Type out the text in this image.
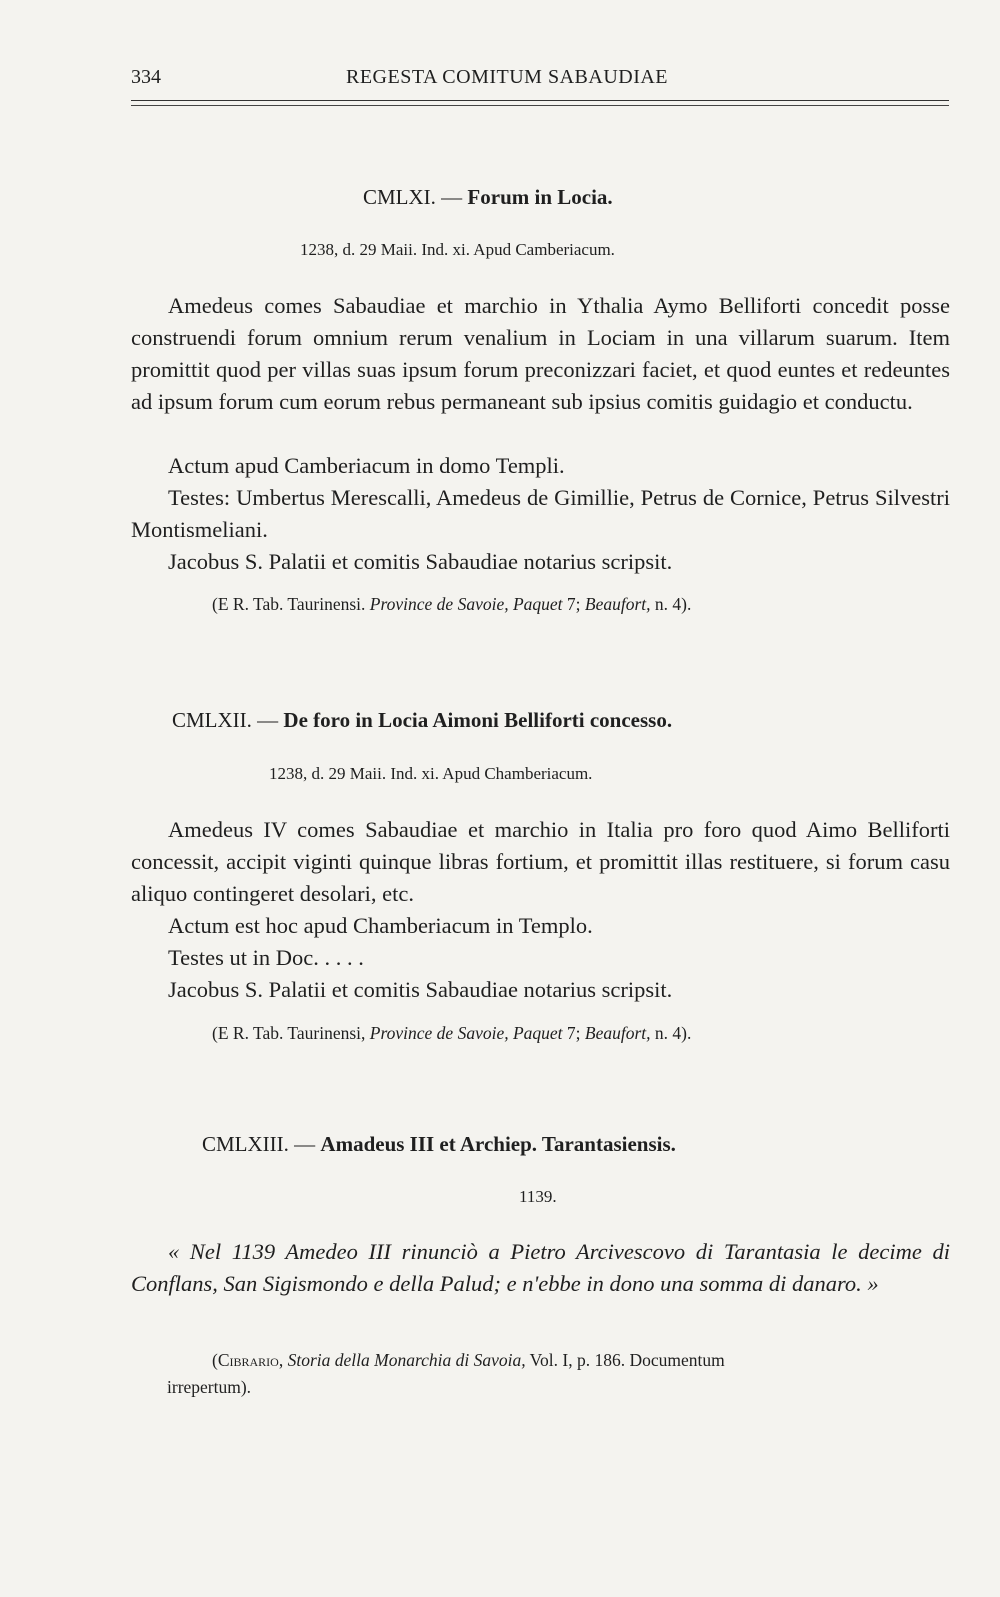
334	REGESTA COMITUM SABAUDIAE
CMLXI. — Forum in Locia.
1238, d. 29 Maii. Ind. xi. Apud Camberiacum.
Amedeus comes Sabaudiae et marchio in Ythalia Aymo Belliforti concedit posse construendi forum omnium rerum venalium in Lociam in una villarum suarum. Item promittit quod per villas suas ipsum forum preconizzari faciet, et quod euntes et redeuntes ad ipsum forum cum eorum rebus permaneant sub ipsius comitis guidagio et conductu.
Actum apud Camberiacum in domo Templi.
Testes: Umbertus Merescalli, Amedeus de Gimillie, Petrus de Cornice, Petrus Silvestri Montismeliani.
Jacobus S. Palatii et comitis Sabaudiae notarius scripsit.
(E R. Tab. Taurinensi. Province de Savoie, Paquet 7; Beaufort, n. 4).
CMLXII. — De foro in Locia Aimoni Belliforti concesso.
1238, d. 29 Maii. Ind. xi. Apud Chamberiacum.
Amedeus IV comes Sabaudiae et marchio in Italia pro foro quod Aimo Belliforti concessit, accipit viginti quinque libras fortium, et promittit illas restituere, si forum casu aliquo contingeret desolari, etc.
Actum est hoc apud Chamberiacum in Templo.
Testes ut in Doc. . . . .
Jacobus S. Palatii et comitis Sabaudiae notarius scripsit.
(E R. Tab. Taurinensi, Province de Savoie, Paquet 7; Beaufort, n. 4).
CMLXIII. — Amadeus III et Archiep. Tarantasiensis.
1139.
« Nel 1139 Amedeo III rinunciò a Pietro Arcivescovo di Tarantasia le decime di Conflans, San Sigismondo e della Palud; e n'ebbe in dono una somma di danaro. »
(Cibrario, Storia della Monarchia di Savoia, Vol. I, p. 186. Documentum
irrepertum).
